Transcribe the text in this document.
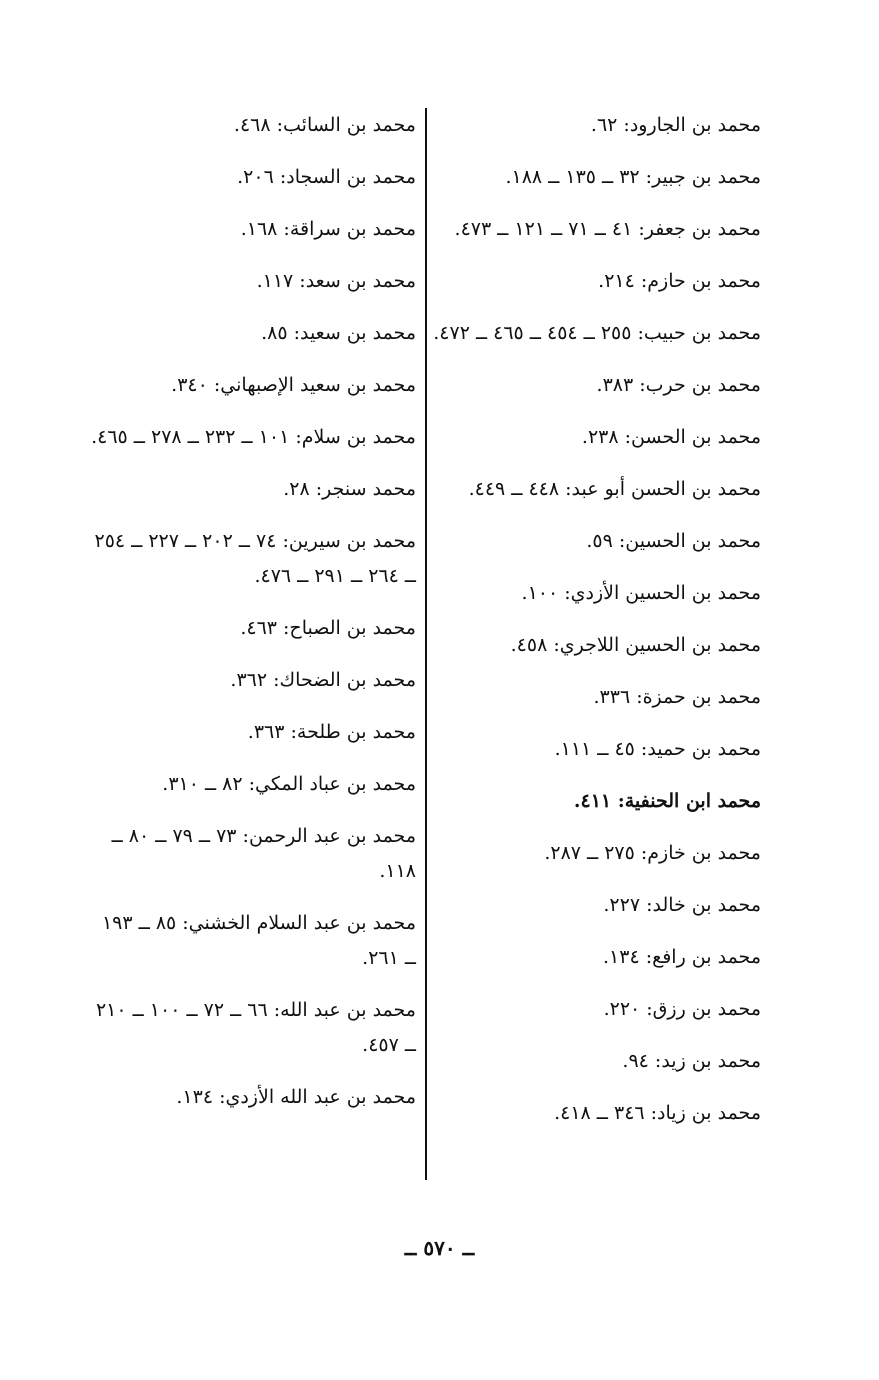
محمد بن الجارود: ٦٢.
محمد بن جبير: ٣٢ ــ ١٣٥ ــ ١٨٨.
محمد بن جعفر: ٤١ ــ ٧١ ــ ١٢١ ــ ٤٧٣.
محمد بن حازم: ٢١٤.
محمد بن حبيب: ٢٥٥ ــ ٤٥٤ ــ ٤٦٥ ــ ٤٧٢.
محمد بن حرب: ٣٨٣.
محمد بن الحسن: ٢٣٨.
محمد بن الحسن أبو عبد: ٤٤٨ ــ ٤٤٩.
محمد بن الحسين: ٥٩.
محمد بن الحسين الأزدي: ١٠٠.
محمد بن الحسين اللاجري: ٤٥٨.
محمد بن حمزة: ٣٣٦.
محمد بن حميد: ٤٥ ــ ١١١.
محمد ابن الحنفية: ٤١١.
محمد بن خازم: ٢٧٥ ــ ٢٨٧.
محمد بن خالد: ٢٢٧.
محمد بن رافع: ١٣٤.
محمد بن رزق: ٢٢٠.
محمد بن زيد: ٩٤.
محمد بن زياد: ٣٤٦ ــ ٤١٨.
محمد بن السائب: ٤٦٨.
محمد بن السجاد: ٢٠٦.
محمد بن سراقة: ١٦٨.
محمد بن سعد: ١١٧.
محمد بن سعيد: ٨٥.
محمد بن سعيد الإصبهاني: ٣٤٠.
محمد بن سلام: ١٠١ ــ ٢٣٢ ــ ٢٧٨ ــ ٤٦٥.
محمد سنجر: ٢٨.
محمد بن سيرين: ٧٤ ــ ٢٠٢ ــ ٢٢٧ ــ ٢٥٤ ــ ٢٦٤ ــ ٢٩١ ــ ٤٧٦.
محمد بن الصباح: ٤٦٣.
محمد بن الضحاك: ٣٦٢.
محمد بن طلحة: ٣٦٣.
محمد بن عباد المكي: ٨٢ ــ ٣١٠.
محمد بن عبد الرحمن: ٧٣ ــ ٧٩ ــ ٨٠ ــ ١١٨.
محمد بن عبد السلام الخشني: ٨٥ ــ ١٩٣ ــ ٢٦١.
محمد بن عبد الله: ٦٦ ــ ٧٢ ــ ١٠٠ ــ ٢١٠ ــ ٤٥٧.
محمد بن عبد الله الأزدي: ١٣٤.
ــ ٥٧٠ ــ
